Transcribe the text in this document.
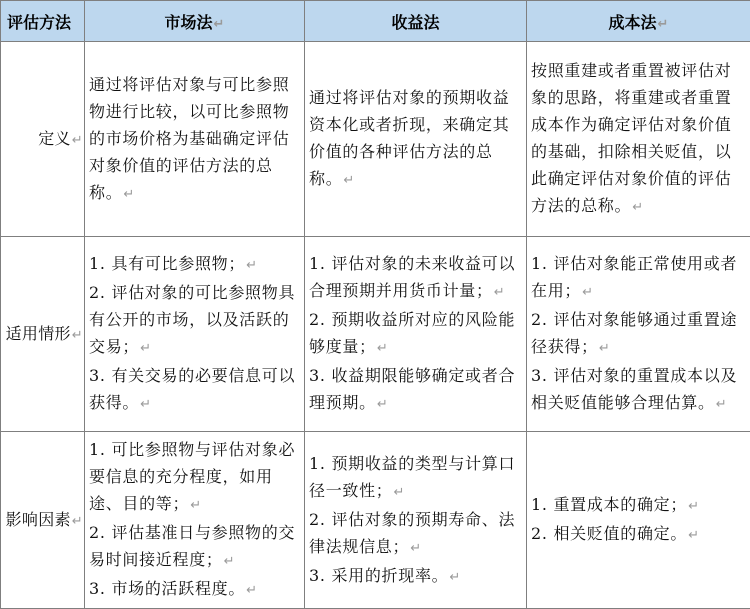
评估方法	市场法↵	收益法	成本法↵
定义↵	通过将评估对象与可比参照物进行比较，以可比参照物的市场价格为基础确定评估对象价值的评估方法的总称。↵	通过将评估对象的预期收益资本化或者折现，来确定其价值的各种评估方法的总称。↵	按照重建或者重置被评估对象的思路，将重建或者重置成本作为确定评估对象价值的基础，扣除相关贬值，以此确定评估对象价值的评估方法的总称。↵

适用情形↵	1. 具有可比参照物；↵
2. 评估对象的可比参照物具有公开的市场，以及活跃的交易；↵
3. 有关交易的必要信息可以获得。↵	1. 评估对象的未来收益可以合理预期并用货币计量；↵
2. 预期收益所对应的风险能够度量；↵
3. 收益期限能够确定或者合理预期。↵	1. 评估对象能正常使用或者在用；↵
2. 评估对象能够通过重置途径获得；↵
3. 评估对象的重置成本以及相关贬值能够合理估算。↵

影响因素↵	1. 可比参照物与评估对象必要信息的充分程度，如用途、目的等；↵
2. 评估基准日与参照物的交易时间接近程度；↵
3. 市场的活跃程度。↵	1. 预期收益的类型与计算口径一致性；↵
2. 评估对象的预期寿命、法律法规信息；↵
3. 采用的折现率。↵	1. 重置成本的确定；↵
2. 相关贬值的确定。↵
